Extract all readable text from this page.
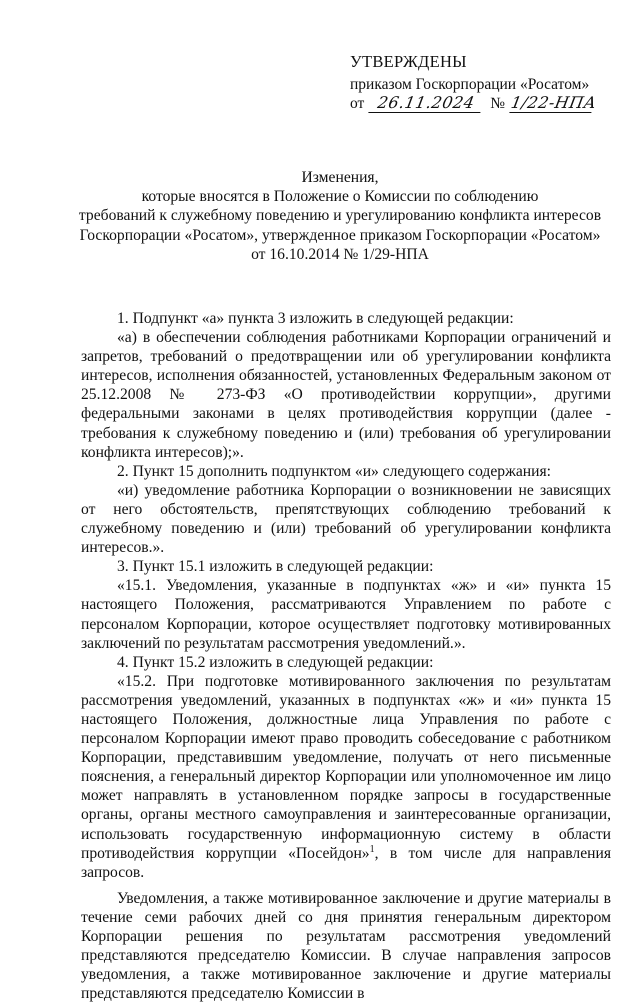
УТВЕРЖДЕНЫ
приказом Госкорпорации «Росатом»
от 26.11.2024 № 1/22-НПА
Изменения,
которые вносятся в Положение о Комиссии по соблюдению
требований к служебному поведению и урегулированию конфликта интересов
Госкорпорации «Росатом», утвержденное приказом Госкорпорации «Росатом»
от 16.10.2014 № 1/29-НПА

1. Подпункт «а» пункта 3 изложить в следующей редакции:

«а) в обеспечении соблюдения работниками Корпорации ограничений и запретов, требований о предотвращении или об урегулировании конфликта интересов, исполнения обязанностей, установленных Федеральным законом от 25.12.2008 № 273-ФЗ «О противодействии коррупции», другими федеральными законами в целях противодействия коррупции (далее - требования к служебному поведению и (или) требования об урегулировании конфликта интересов);».

2. Пункт 15 дополнить подпунктом «и» следующего содержания:

«и) уведомление работника Корпорации о возникновении не зависящих от него обстоятельств, препятствующих соблюдению требований к служебному поведению и (или) требований об урегулировании конфликта интересов.».

3. Пункт 15.1 изложить в следующей редакции:

«15.1. Уведомления, указанные в подпунктах «ж» и «и» пункта 15 настоящего Положения, рассматриваются Управлением по работе с персоналом Корпорации, которое осуществляет подготовку мотивированных заключений по результатам рассмотрения уведомлений.».

4. Пункт 15.2 изложить в следующей редакции:

«15.2. При подготовке мотивированного заключения по результатам рассмотрения уведомлений, указанных в подпунктах «ж» и «и» пункта 15 настоящего Положения, должностные лица Управления по работе с персоналом Корпорации имеют право проводить собеседование с работником Корпорации, представившим уведомление, получать от него письменные пояснения, а генеральный директор Корпорации или уполномоченное им лицо может направлять в установленном порядке запросы в государственные органы, органы местного самоуправления и заинтересованные организации, использовать государственную информационную систему в области противодействия коррупции «Посейдон»$^1$, в том числе для направления запросов.

Уведомления, а также мотивированное заключение и другие материалы в течение семи рабочих дней со дня принятия генеральным директором Корпорации решения по результатам рассмотрения уведомлений представляются председателю Комиссии. В случае направления запросов уведомления, а также мотивированное заключение и другие материалы представляются председателю Комиссии в
